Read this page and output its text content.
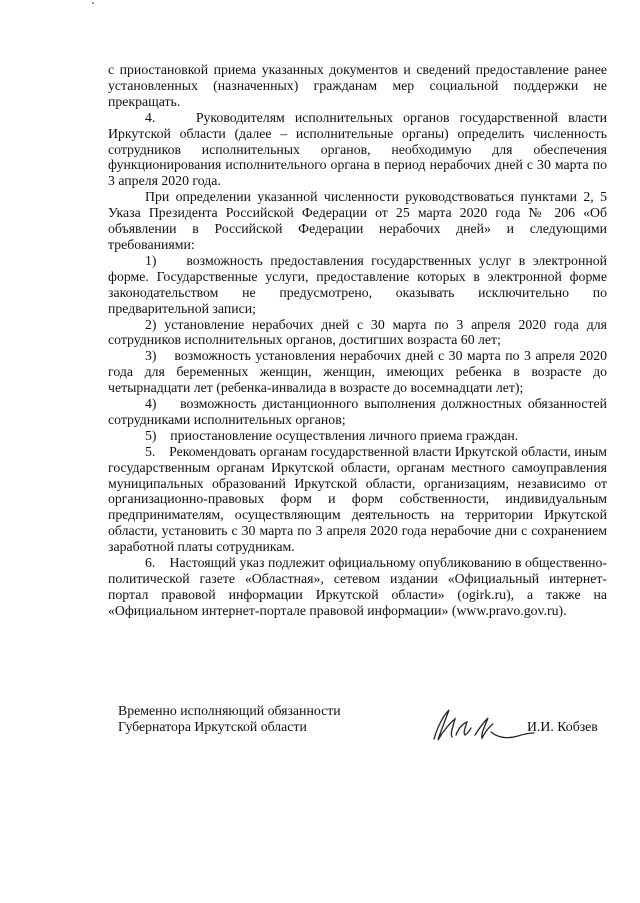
с приостановкой приема указанных документов и сведений предоставление ранее установленных (назначенных) гражданам мер социальной поддержки не прекращать.

4.    Руководителям исполнительных органов государственной власти Иркутской области (далее – исполнительные органы) определить численность сотрудников исполнительных органов, необходимую для обеспечения функционирования исполнительного органа в период нерабочих дней с 30 марта по 3 апреля 2020 года.

При определении указанной численности руководствоваться пунктами 2, 5 Указа Президента Российской Федерации от 25 марта 2020 года № 206 «Об объявлении в Российской Федерации нерабочих дней» и следующими требованиями:

1)    возможность предоставления государственных услуг в электронной форме. Государственные услуги, предоставление которых в электронной форме законодательством не предусмотрено, оказывать исключительно по предварительной записи;

2) установление нерабочих дней с 30 марта по 3 апреля 2020 года для сотрудников исполнительных органов, достигших возраста 60 лет;

3)    возможность установления нерабочих дней с 30 марта по 3 апреля 2020 года для беременных женщин, женщин, имеющих ребенка в возрасте до четырнадцати лет (ребенка-инвалида в возрасте до восемнадцати лет);

4)    возможность дистанционного выполнения должностных обязанностей сотрудниками исполнительных органов;

5)    приостановление осуществления личного приема граждан.

5.    Рекомендовать органам государственной власти Иркутской области, иным государственным органам Иркутской области, органам местного самоуправления муниципальных образований Иркутской области, организациям, независимо от организационно-правовых форм и форм собственности, индивидуальным предпринимателям, осуществляющим деятельность на территории Иркутской области, установить с 30 марта по 3 апреля 2020 года нерабочие дни с сохранением заработной платы сотрудникам.

6.    Настоящий указ подлежит официальному опубликованию в общественно-политической газете «Областная», сетевом издании «Официальный интернет-портал правовой информации Иркутской области» (ogirk.ru), а также на «Официальном интернет-портале правовой информации» (www.pravo.gov.ru).

Временно исполняющий обязанности
Губернатора Иркутской области	И.И. Кобзев
